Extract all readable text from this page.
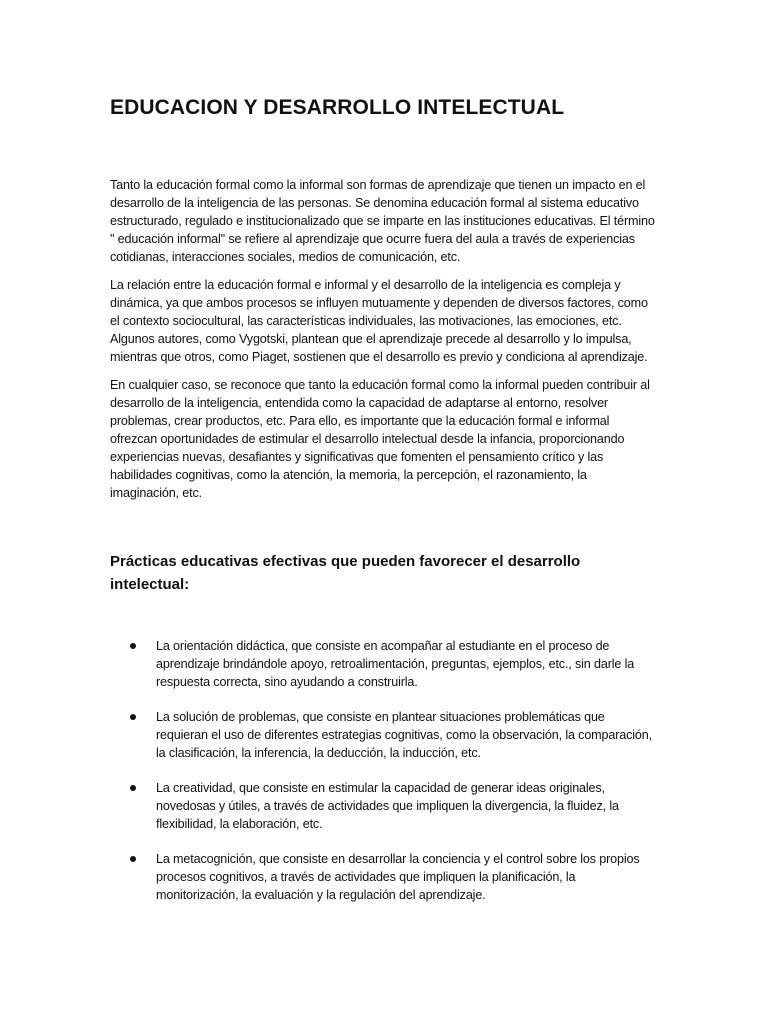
EDUCACION Y DESARROLLO INTELECTUAL

Tanto la educación formal como la informal son formas de aprendizaje que tienen un impacto en el desarrollo de la inteligencia de las personas. Se denomina educación formal al sistema educativo estructurado, regulado e institucionalizado que se imparte en las instituciones educativas. El término " educación informal" se refiere al aprendizaje que ocurre fuera del aula a través de experiencias cotidianas, interacciones sociales, medios de comunicación, etc.

La relación entre la educación formal e informal y el desarrollo de la inteligencia es compleja y dinámica, ya que ambos procesos se influyen mutuamente y dependen de diversos factores, como el contexto sociocultural, las características individuales, las motivaciones, las emociones, etc. Algunos autores, como Vygotski, plantean que el aprendizaje precede al desarrollo y lo impulsa, mientras que otros, como Piaget, sostienen que el desarrollo es previo y condiciona al aprendizaje.

En cualquier caso, se reconoce que tanto la educación formal como la informal pueden contribuir al desarrollo de la inteligencia, entendida como la capacidad de adaptarse al entorno, resolver problemas, crear productos, etc. Para ello, es importante que la educación formal e informal ofrezcan oportunidades de estimular el desarrollo intelectual desde la infancia, proporcionando experiencias nuevas, desafiantes y significativas que fomenten el pensamiento crítico y las habilidades cognitivas, como la atención, la memoria, la percepción, el razonamiento, la imaginación, etc.

Prácticas educativas efectivas que pueden favorecer el desarrollo intelectual:
La orientación didáctica, que consiste en acompañar al estudiante en el proceso de aprendizaje brindándole apoyo, retroalimentación, preguntas, ejemplos, etc., sin darle la respuesta correcta, sino ayudando a construirla.
La solución de problemas, que consiste en plantear situaciones problemáticas que requieran el uso de diferentes estrategias cognitivas, como la observación, la comparación, la clasificación, la inferencia, la deducción, la inducción, etc.
La creatividad, que consiste en estimular la capacidad de generar ideas originales, novedosas y útiles, a través de actividades que impliquen la divergencia, la fluidez, la flexibilidad, la elaboración, etc.
La metacognición, que consiste en desarrollar la conciencia y el control sobre los propios procesos cognitivos, a través de actividades que impliquen la planificación, la monitorización, la evaluación y la regulación del aprendizaje.
